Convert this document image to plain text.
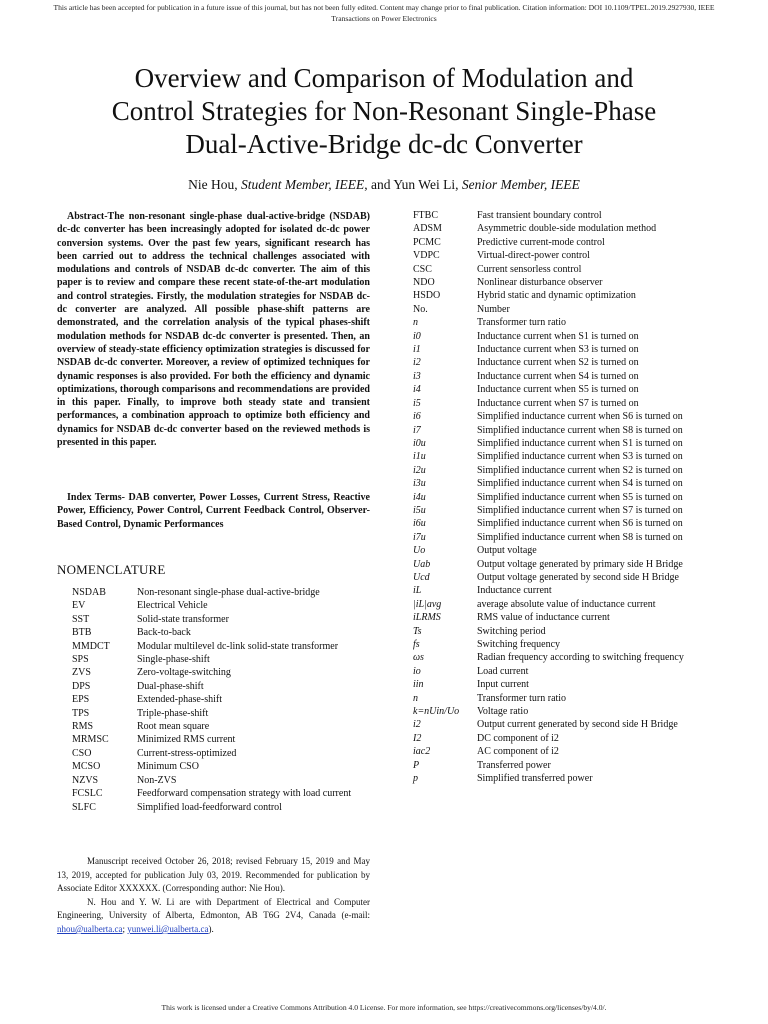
This article has been accepted for publication in a future issue of this journal, but has not been fully edited. Content may change prior to final publication. Citation information: DOI 10.1109/TPEL.2019.2927930, IEEE
Transactions on Power Electronics
Overview and Comparison of Modulation and
Control Strategies for Non-Resonant Single-Phase
Dual-Active-Bridge dc-dc Converter
Nie Hou, Student Member, IEEE, and Yun Wei Li, Senior Member, IEEE
Abstract-The non-resonant single-phase dual-active-bridge (NSDAB) dc-dc converter has been increasingly adopted for isolated dc-dc power conversion systems. Over the past few years, significant research has been carried out to address the technical challenges associated with modulations and controls of NSDAB dc-dc converter. The aim of this paper is to review and compare these recent state-of-the-art modulation and control strategies. Firstly, the modulation strategies for NSDAB dc-dc converter are analyzed. All possible phase-shift patterns are demonstrated, and the correlation analysis of the typical phases-shift modulation methods for NSDAB dc-dc converter is presented. Then, an overview of steady-state efficiency optimization strategies is discussed for NSDAB dc-dc converter. Moreover, a review of optimized techniques for dynamic responses is also provided. For both the efficiency and dynamic optimizations, thorough comparisons and recommendations are provided in this paper. Finally, to improve both steady state and transient performances, a combination approach to optimize both efficiency and dynamics for NSDAB dc-dc converter based on the reviewed methods is presented in this paper.
Index Terms- DAB converter, Power Losses, Current Stress, Reactive Power, Efficiency, Power Control, Current Feedback Control, Observer-Based Control, Dynamic Performances
NOMENCLATURE
NSDAB	Non-resonant single-phase dual-active-bridge
EV	Electrical Vehicle
SST	Solid-state transformer
BTB	Back-to-back
MMDCT	Modular multilevel dc-link solid-state transformer
SPS	Single-phase-shift
ZVS	Zero-voltage-switching
DPS	Dual-phase-shift
EPS	Extended-phase-shift
TPS	Triple-phase-shift
RMS	Root mean square
MRMSC	Minimized RMS current
CSO	Current-stress-optimized
MCSO	Minimum CSO
NZVS	Non-ZVS
FCSLC	Feedforward compensation strategy with load current
SLFC	Simplified load-feedforward control
FTBC	Fast transient boundary control
ADSM	Asymmetric double-side modulation method
PCMC	Predictive current-mode control
VDPC	Virtual-direct-power control
CSC	Current sensorless control
NDO	Nonlinear disturbance observer
HSDO	Hybrid static and dynamic optimization
No.	Number
n	Transformer turn ratio
i0	Inductance current when S1 is turned on
i1	Inductance current when S3 is turned on
i2	Inductance current when S2 is turned on
i3	Inductance current when S4 is turned on
i4	Inductance current when S5 is turned on
i5	Inductance current when S7 is turned on
i6	Simplified inductance current when S6 is turned on
i7	Simplified inductance current when S8 is turned on
i0u	Simplified inductance current when S1 is turned on
i1u	Simplified inductance current when S3 is turned on
i2u	Simplified inductance current when S2 is turned on
i3u	Simplified inductance current when S4 is turned on
i4u	Simplified inductance current when S5 is turned on
i5u	Simplified inductance current when S7 is turned on
i6u	Simplified inductance current when S6 is turned on
i7u	Simplified inductance current when S8 is turned on
Uo	Output voltage
Uab	Output voltage generated by primary side H Bridge
Ucd	Output voltage generated by second side H Bridge
iL	Inductance current
|iL|avg	average absolute value of inductance current
iLRMS	RMS value of inductance current
Ts	Switching period
fs	Switching frequency
ωs	Radian frequency according to switching frequency
io	Load current
iin	Input current
n	Transformer turn ratio
k=nUin/Uo	Voltage ratio
i2	Output current generated by second side H Bridge
I2	DC component of i2
iac2	AC component of i2
P	Transferred power
p	Simplified transferred power

Manuscript received October 26, 2018; revised February 15, 2019 and May 13, 2019, accepted for publication July 03, 2019. Recommended for publication by Associate Editor XXXXXX. (Corresponding author: Nie Hou).

N. Hou and Y. W. Li are with Department of Electrical and Computer Engineering, University of Alberta, Edmonton, AB T6G 2V4, Canada (e-mail: nhou@ualberta.ca; yunwei.li@ualberta.ca).

This work is licensed under a Creative Commons Attribution 4.0 License. For more information, see https://creativecommons.org/licenses/by/4.0/.
